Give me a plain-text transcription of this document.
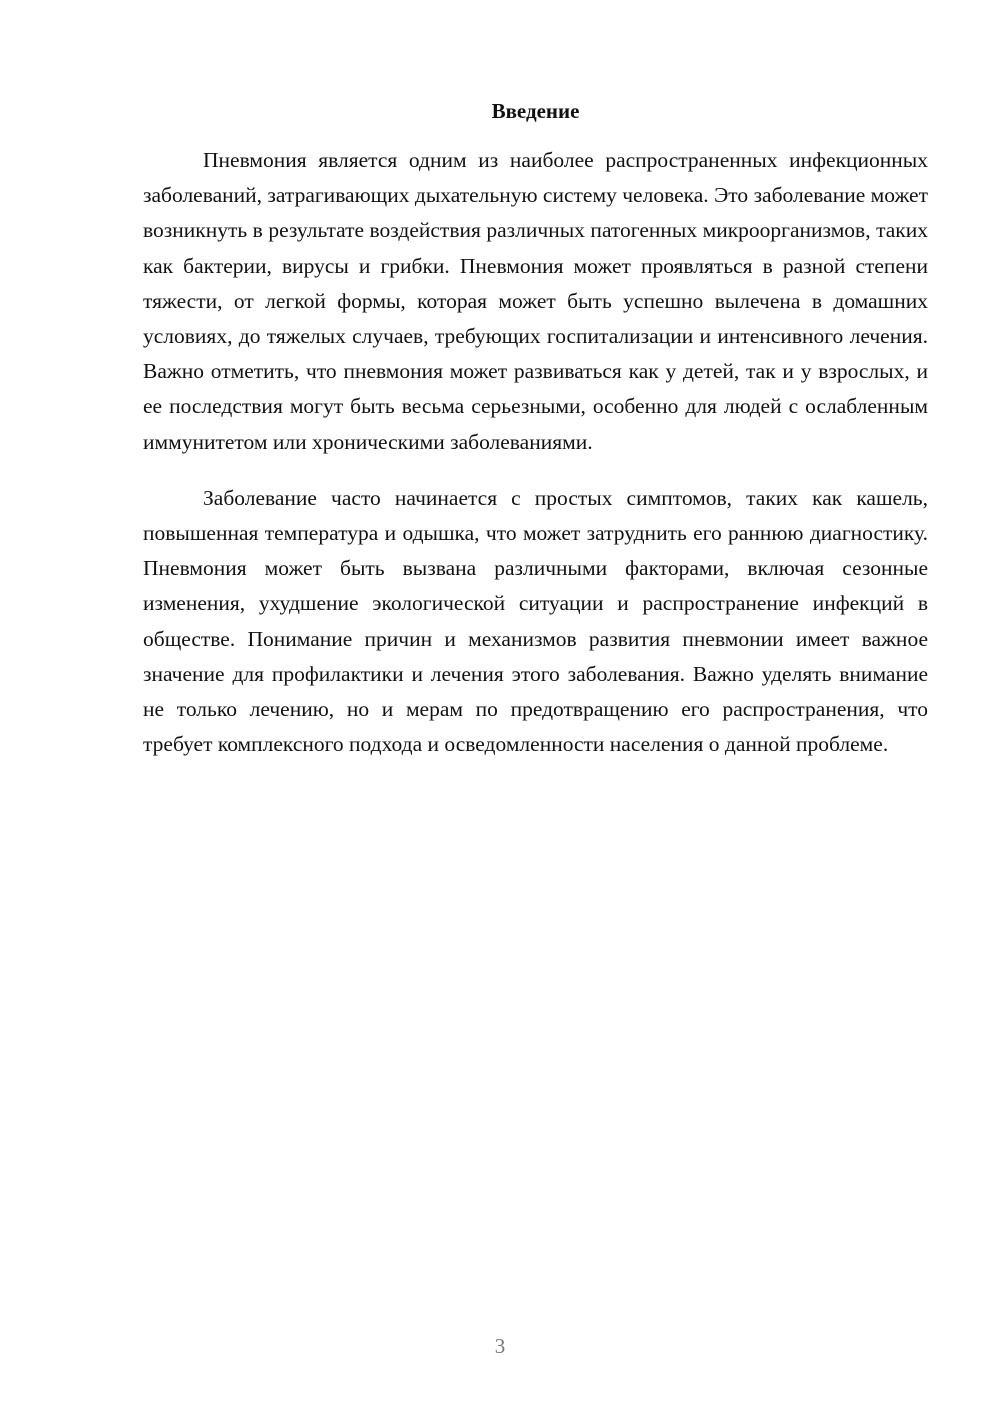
Введение

Пневмония является одним из наиболее распространенных инфекционных заболеваний, затрагивающих дыхательную систему человека. Это заболевание может возникнуть в результате воздействия различных патогенных микроорганизмов, таких как бактерии, вирусы и грибки. Пневмония может проявляться в разной степени тяжести, от легкой формы, которая может быть успешно вылечена в домашних условиях, до тяжелых случаев, требующих госпитализации и интенсивного лечения. Важно отметить, что пневмония может развиваться как у детей, так и у взрослых, и ее последствия могут быть весьма серьезными, особенно для людей с ослабленным иммунитетом или хроническими заболеваниями.

Заболевание часто начинается с простых симптомов, таких как кашель, повышенная температура и одышка, что может затруднить его раннюю диагностику. Пневмония может быть вызвана различными факторами, включая сезонные изменения, ухудшение экологической ситуации и распространение инфекций в обществе. Понимание причин и механизмов развития пневмонии имеет важное значение для профилактики и лечения этого заболевания. Важно уделять внимание не только лечению, но и мерам по предотвращению его распространения, что требует комплексного подхода и осведомленности населения о данной проблеме.

3
